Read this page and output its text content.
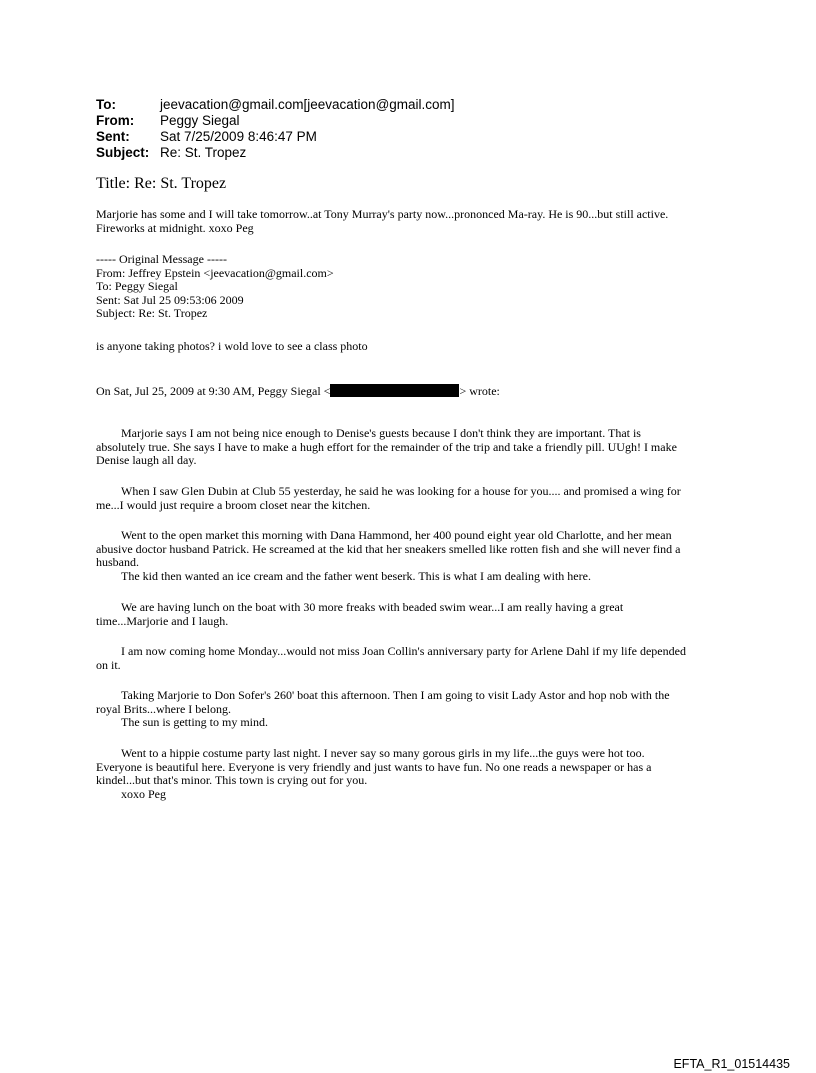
To:	jeevacation@gmail.com[jeevacation@gmail.com]
From:	Peggy Siegal
Sent:	Sat 7/25/2009 8:46:47 PM
Subject: Re: St. Tropez
Title: Re: St. Tropez
Marjorie has some and I will take tomorrow..at Tony Murray's party now...prononced Ma-ray. He is 90...but still active.
Fireworks at midnight. xoxo Peg
----- Original Message -----
From: Jeffrey Epstein <jeevacation@gmail.com>
To: Peggy Siegal
Sent: Sat Jul 25 09:53:06 2009
Subject: Re: St. Tropez
is anyone taking photos? i wold love to see a class photo
On Sat, Jul 25, 2009 at 9:30 AM, Peggy Siegal <	> wrote:
Marjorie says I am not being nice enough to Denise's guests because I don't think they are important. That is
absolutely true. She says I have to make a hugh effort for the remainder of the trip and take a friendly pill. UUgh! I make
Denise laugh all day.
When I saw Glen Dubin at Club 55 yesterday, he said he was looking for a house for you.... and promised a wing for
me...I would just require a broom closet near the kitchen.
Went to the open market this morning with Dana Hammond, her 400 pound eight year old Charlotte, and her mean
abusive doctor husband Patrick. He screamed at the kid that her sneakers smelled like rotten fish and she will never find a
husband.
The kid then wanted an ice cream and the father went beserk. This is what I am dealing with here.
We are having lunch on the boat with 30 more freaks with beaded swim wear...I am really having a great
time...Marjorie and I laugh.
I am now coming home Monday...would not miss Joan Collin's anniversary party for Arlene Dahl if my life depended
on it.
Taking Marjorie to Don Sofer's 260' boat this afternoon. Then I am going to visit Lady Astor and hop nob with the
royal Brits...where I belong.
The sun is getting to my mind.
Went to a hippie costume party last night. I never say so many gorous girls in my life...the guys were hot too.
Everyone is beautiful here. Everyone is very friendly and just wants to have fun. No one reads a newspaper or has a
kindel...but that's minor. This town is crying out for you.
xoxo Peg
EFTA_R1_01514435
